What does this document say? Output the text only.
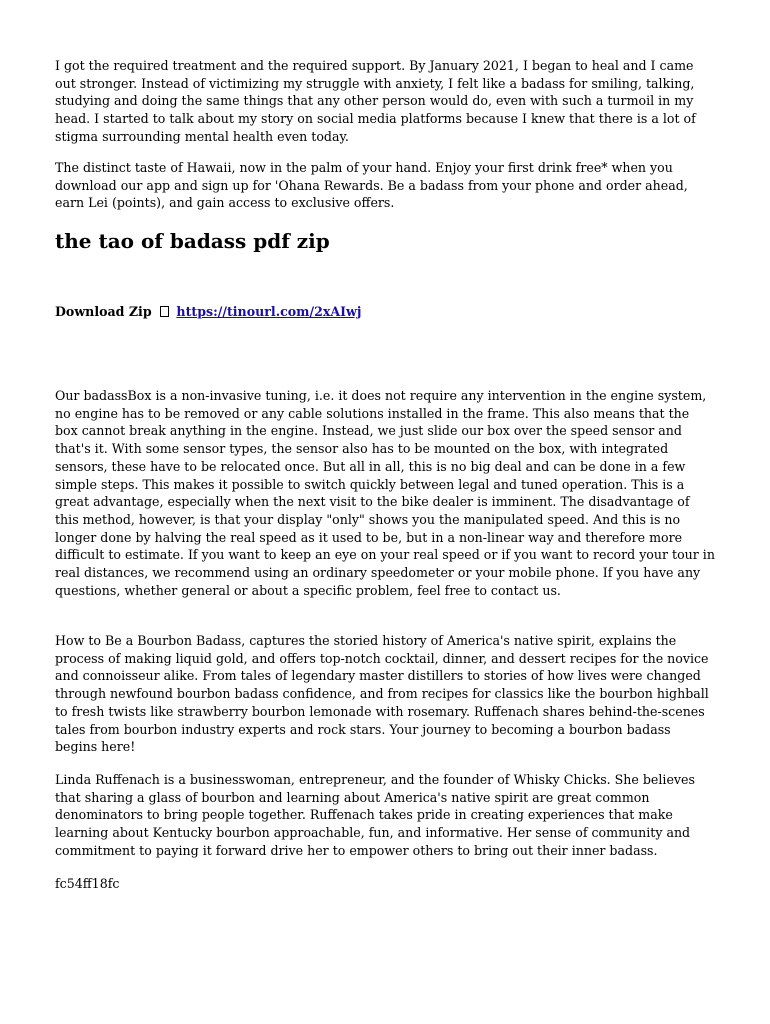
I got the required treatment and the required support. By January 2021, I began to heal and I came out stronger. Instead of victimizing my struggle with anxiety, I felt like a badass for smiling, talking, studying and doing the same things that any other person would do, even with such a turmoil in my head. I started to talk about my story on social media platforms because I knew that there is a lot of stigma surrounding mental health even today.

The distinct taste of Hawaii, now in the palm of your hand. Enjoy your first drink free* when you download our app and sign up for 'Ohana Rewards. Be a badass from your phone and order ahead, earn Lei (points), and gain access to exclusive offers.

the tao of badass pdf zip
Download Zip https://tinourl.com/2xAIwj

Our badassBox is a non-invasive tuning, i.e. it does not require any intervention in the engine system, no engine has to be removed or any cable solutions installed in the frame. This also means that the box cannot break anything in the engine. Instead, we just slide our box over the speed sensor and that's it. With some sensor types, the sensor also has to be mounted on the box, with integrated sensors, these have to be relocated once. But all in all, this is no big deal and can be done in a few simple steps. This makes it possible to switch quickly between legal and tuned operation. This is a great advantage, especially when the next visit to the bike dealer is imminent. The disadvantage of this method, however, is that your display "only" shows you the manipulated speed. And this is no longer done by halving the real speed as it used to be, but in a non-linear way and therefore more difficult to estimate. If you want to keep an eye on your real speed or if you want to record your tour in real distances, we recommend using an ordinary speedometer or your mobile phone. If you have any questions, whether general or about a specific problem, feel free to contact us.

How to Be a Bourbon Badass, captures the storied history of America's native spirit, explains the process of making liquid gold, and offers top-notch cocktail, dinner, and dessert recipes for the novice and connoisseur alike. From tales of legendary master distillers to stories of how lives were changed through newfound bourbon badass confidence, and from recipes for classics like the bourbon highball to fresh twists like strawberry bourbon lemonade with rosemary. Ruffenach shares behind-the-scenes tales from bourbon industry experts and rock stars. Your journey to becoming a bourbon badass begins here!

Linda Ruffenach is a businesswoman, entrepreneur, and the founder of Whisky Chicks. She believes that sharing a glass of bourbon and learning about America's native spirit are great common denominators to bring people together. Ruffenach takes pride in creating experiences that make learning about Kentucky bourbon approachable, fun, and informative. Her sense of community and commitment to paying it forward drive her to empower others to bring out their inner badass.

fc54ff18fc
